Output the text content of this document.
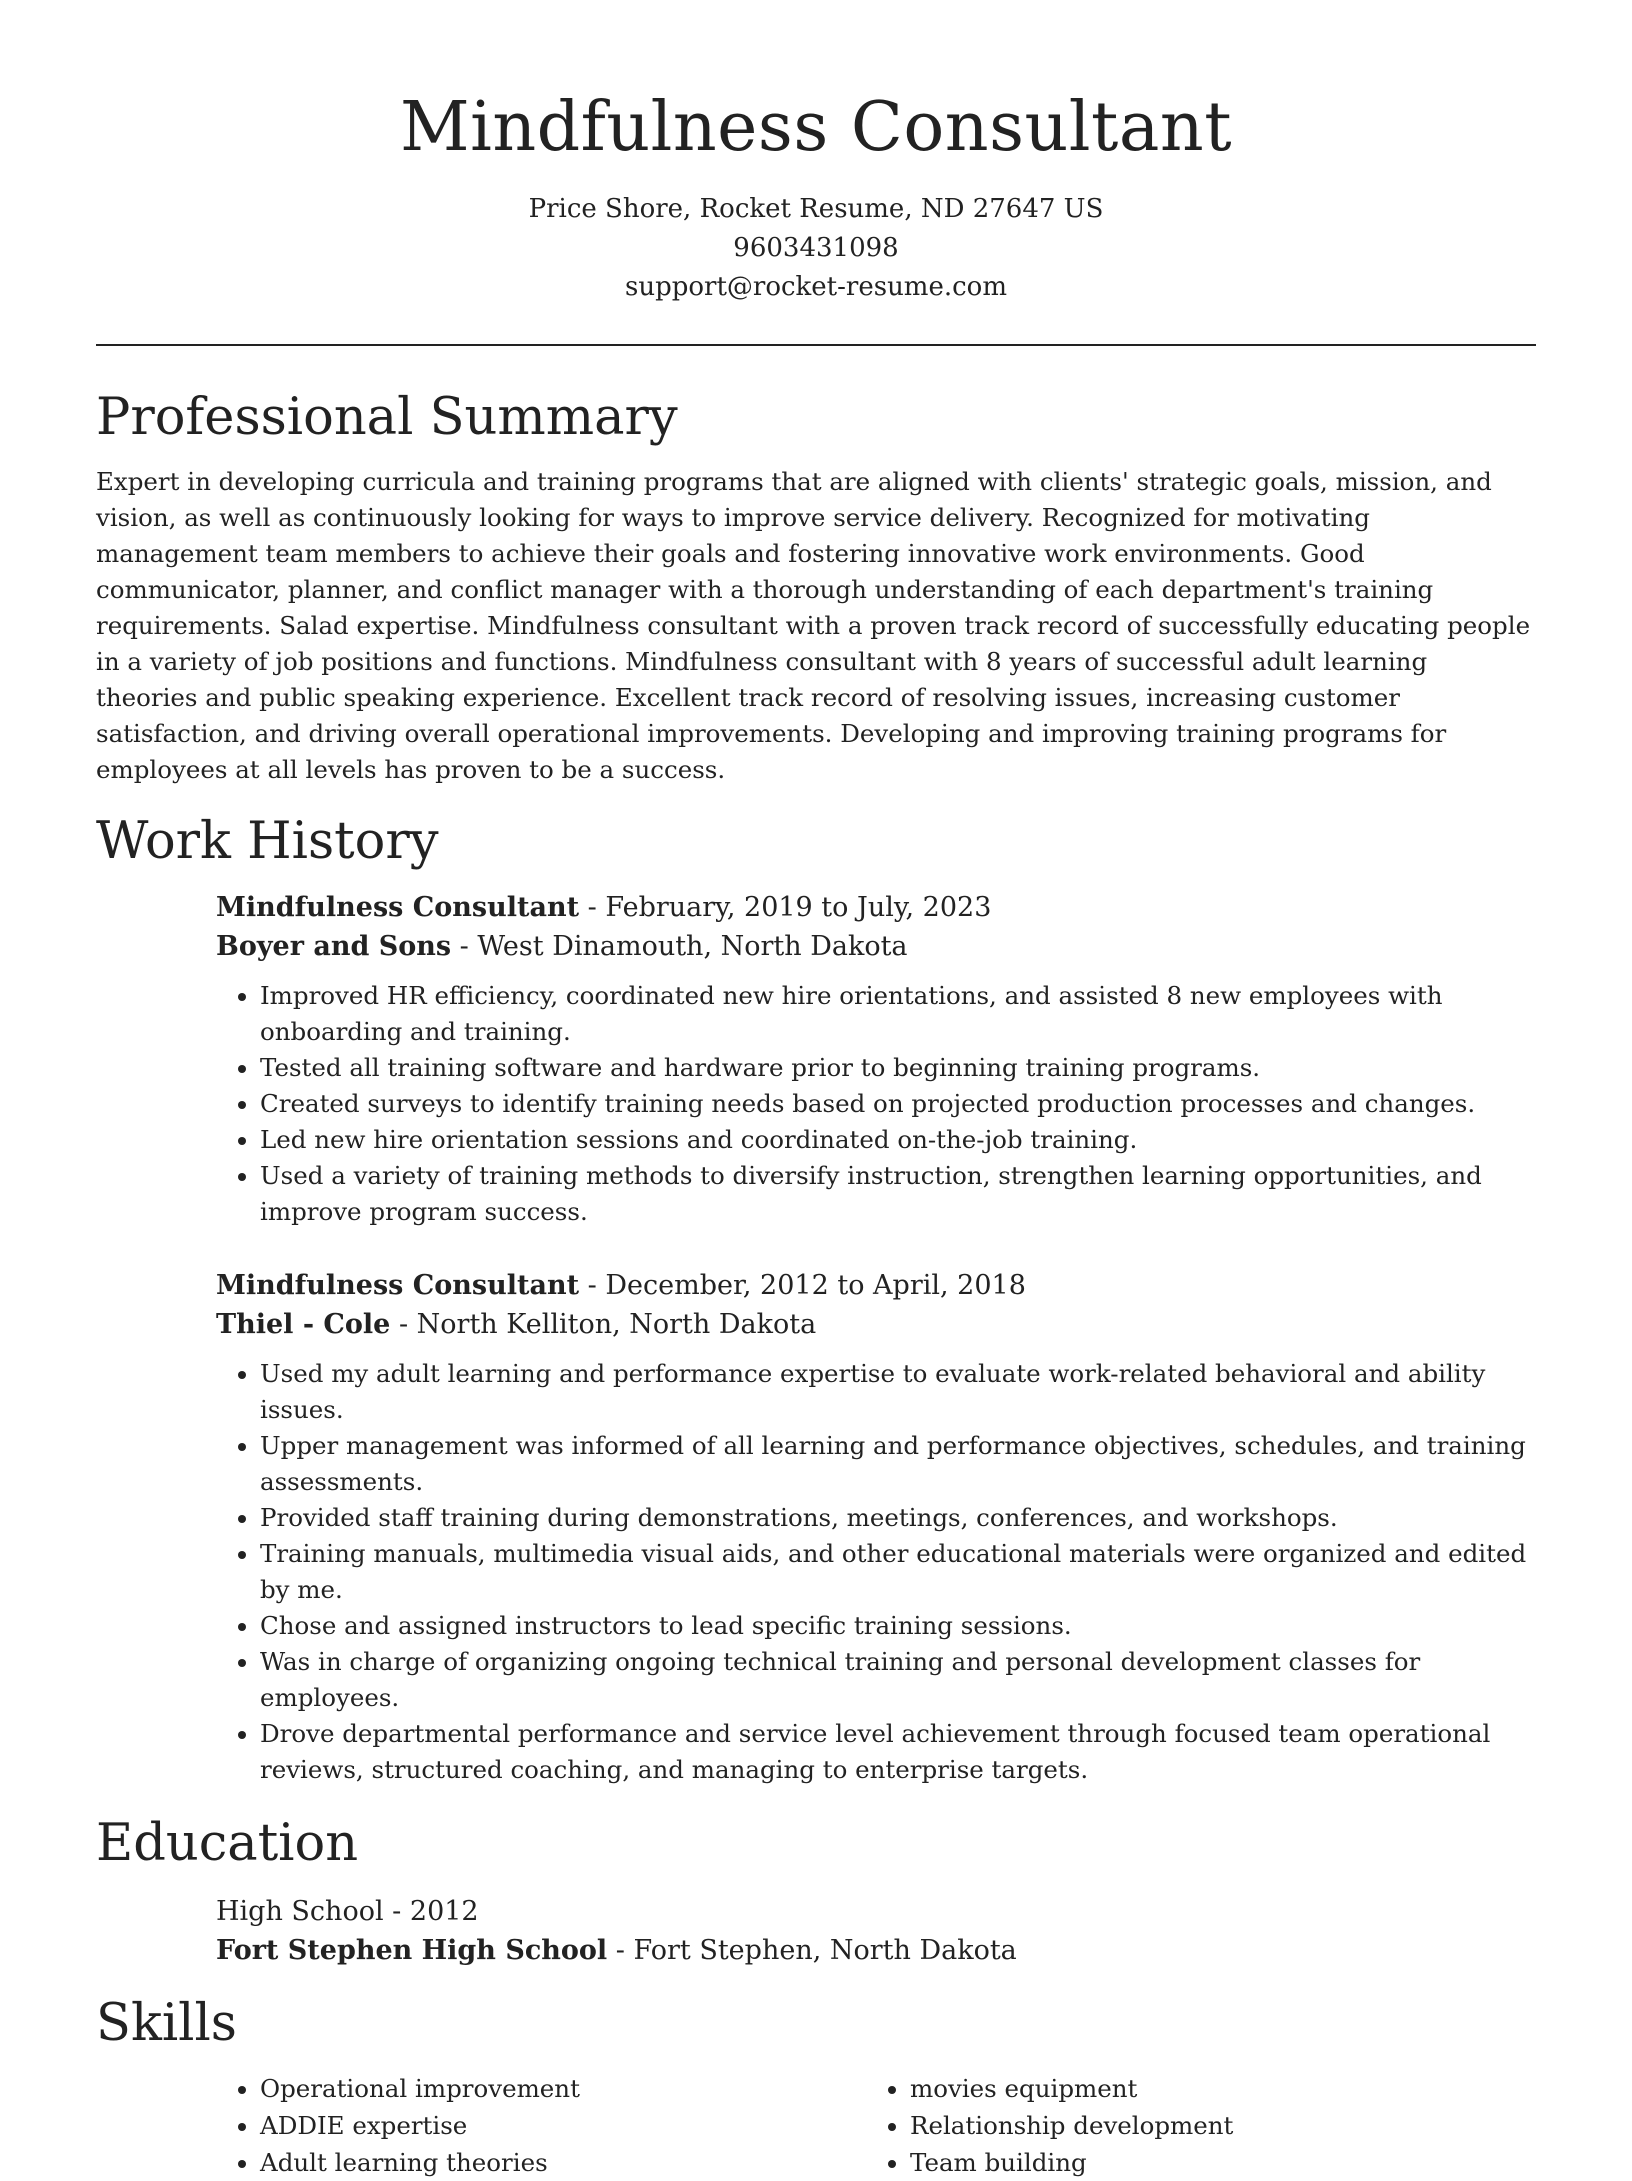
Mindfulness Consultant
Price Shore, Rocket Resume, ND 27647 US
9603431098
support@rocket-resume.com
Professional Summary

Expert in developing curricula and training programs that are aligned with clients' strategic goals, mission, and vision, as well as continuously looking for ways to improve service delivery. Recognized for motivating management team members to achieve their goals and fostering innovative work environments. Good communicator, planner, and conflict manager with a thorough understanding of each department's training requirements. Salad expertise. Mindfulness consultant with a proven track record of successfully educating people in a variety of job positions and functions. Mindfulness consultant with 8 years of successful adult learning theories and public speaking experience. Excellent track record of resolving issues, increasing customer satisfaction, and driving overall operational improvements. Developing and improving training programs for employees at all levels has proven to be a success.

Work History
Mindfulness Consultant - February, 2019 to July, 2023
Boyer and Sons - West Dinamouth, North Dakota
• Improved HR efficiency, coordinated new hire orientations, and assisted 8 new employees with onboarding and training.
• Tested all training software and hardware prior to beginning training programs.
• Created surveys to identify training needs based on projected production processes and changes.
• Led new hire orientation sessions and coordinated on-the-job training.
• Used a variety of training methods to diversify instruction, strengthen learning opportunities, and improve program success.
Mindfulness Consultant - December, 2012 to April, 2018
Thiel - Cole - North Kelliton, North Dakota
• Used my adult learning and performance expertise to evaluate work-related behavioral and ability issues.
• Upper management was informed of all learning and performance objectives, schedules, and training assessments.
• Provided staff training during demonstrations, meetings, conferences, and workshops.
• Training manuals, multimedia visual aids, and other educational materials were organized and edited by me.
• Chose and assigned instructors to lead specific training sessions.
• Was in charge of organizing ongoing technical training and personal development classes for employees.
• Drove departmental performance and service level achievement through focused team operational reviews, structured coaching, and managing to enterprise targets.
Education
High School - 2012
Fort Stephen High School - Fort Stephen, North Dakota
Skills
• Operational improvement
• ADDIE expertise
• Adult learning theories
• movies equipment
• Relationship development
• Team building
